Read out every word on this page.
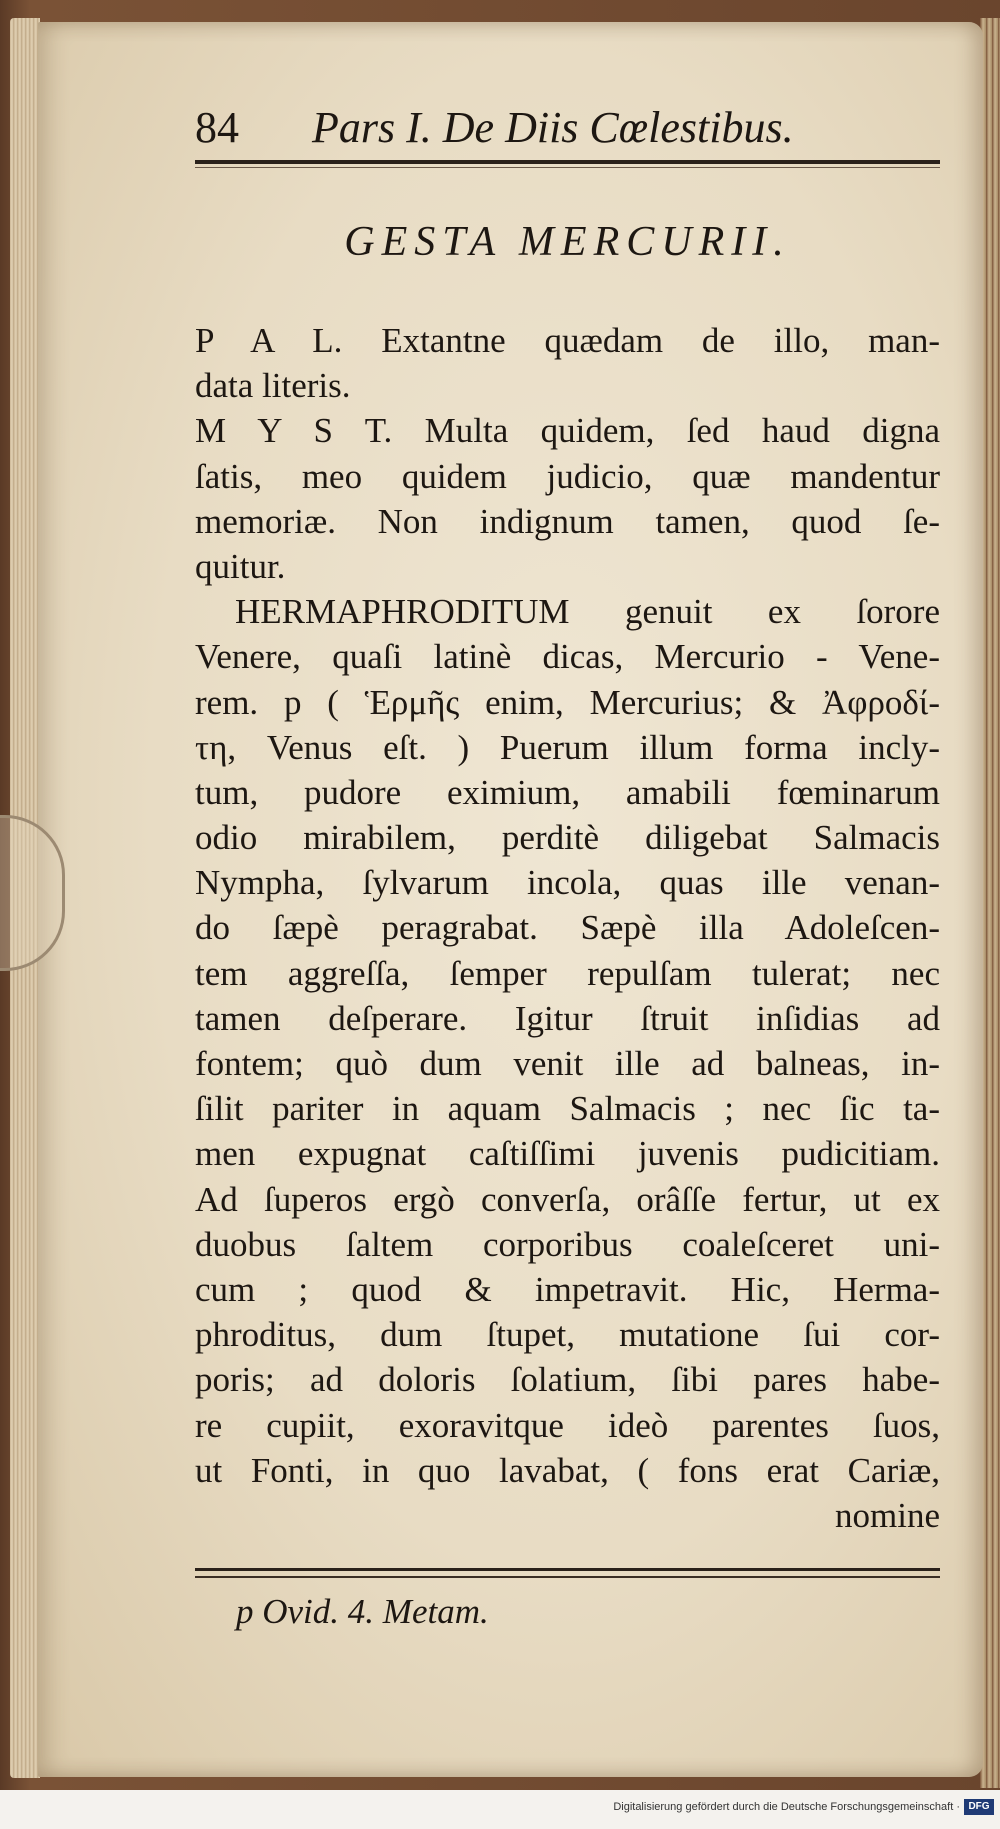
84 Pars I. De Diis Cœlestibus.
GESTA MERCURII.
P A L. Extantne quædam de illo, man-
data literis.
M Y S T. Multa quidem, ſed haud digna
ſatis, meo quidem judicio, quæ mandentur
memoriæ. Non indignum tamen, quod ſe-
quitur.
HERMAPHRODITUM genuit ex ſorore
Venere, quaſi latinè dicas, Mercurio - Vene-
rem. p ( Ἑρμῆς enim, Mercurius; & Ἀφροδί-
τη, Venus eſt. ) Puerum illum forma incly-
tum, pudore eximium, amabili fœminarum
odio mirabilem, perditè diligebat Salmacis
Nympha, ſylvarum incola, quas ille venan-
do ſæpè peragrabat. Sæpè illa Adoleſcen-
tem aggreſſa, ſemper repulſam tulerat; nec
tamen deſperare. Igitur ſtruit inſidias ad
fontem; quò dum venit ille ad balneas, in-
ſilit pariter in aquam Salmacis ; nec ſic ta-
men expugnat caſtiſſimi juvenis pudicitiam.
Ad ſuperos ergò converſa, orâſſe fertur, ut ex
duobus ſaltem corporibus coaleſceret uni-
cum ; quod & impetravit. Hic, Herma-
phroditus, dum ſtupet, mutatione ſui cor-
poris; ad doloris ſolatium, ſibi pares habe-
re cupiit, exoravitque ideò parentes ſuos,
ut Fonti, in quo lavabat, ( fons erat Cariæ,
nomine
p Ovid. 4. Metam.
Digitalisierung gefördert durch die Deutsche Forschungsgemeinschaft · DFG
